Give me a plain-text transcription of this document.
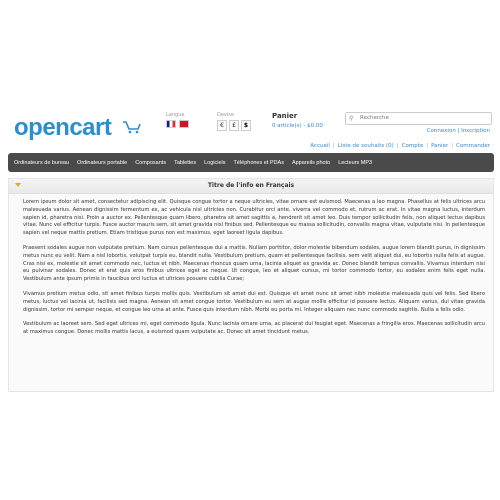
opencart	Langue	Devise
€	£	$
Panier
0 article(s) - $0.00
⚲
Recherche
Connexion | Inscription
Accueil | Liste de souhaits (0) | Compte | Panier | Commander
Ordinateurs de bureau	Ordinateurs portable	Composants	Tablettes	Logiciels	Téléphones et PDAs	Appareils photo	Lecteurs MP3
Titre de l'info en Français

Lorem ipsum dolor sit amet, consectetur adipiscing elit. Quisque congue tortor a neque ultricies, vitae ornare est euismod. Maecenas a leo magna. Phasellus at felis ultrices arcu malesuada varius. Aenean dignissim fermentum ex, ac vehicula nisl ultricies non. Curabitur orci ante, viverra vel commodo et, rutrum ac erat. In vitae magna luctus, interdum sapien id, pharetra nisi. Proin a auctor ex. Pellentesque quam libero, pharetra sit amet sagittis a, hendrerit sit amet leo. Duis tempor sollicitudin felis, non aliquet lectus dapibus vitae. Nunc vel efficitur turpis. Fusce auctor mauris sem, sit amet gravida nisl finibus sed. Pellentesque eu massa sollicitudin, convallis magna vitae, vulputate nisi. In pellentesque sapien vel neque mattis pretium. Etiam tristique purus non est maximus, eget laoreet ligula dapibus.

Praesent sodales augue non vulputate pretium. Nam cursus pellentesque dui a mattis. Nullam porttitor, dolor molestie bibendum sodales, augue lorem blandit purus, in dignissim metus nunc eu velit. Nam a nisl lobortis, volutpat turpis eu, blandit nulla. Vestibulum pretium, quam et pellentesque facilisis, sem velit aliquet dui, eu lobortis nulla felis at augue. Cras nisi ex, molestie sit amet commodo nec, luctus et nibh. Maecenas rhoncus quam urna, lacinia aliquet ex gravida ac. Donec blandit tempus convallis. Vivamus interdum nisi eu pulvinar sodales. Donec et erat quis eros finibus ultrices eget ac neque. Ut congue, leo et aliquet cursus, mi tortor commodo tortor, eu sodales enim felis eget nulla. Vestibulum ante ipsum primis in faucibus orci luctus et ultrices posuere cubilia Curae;

Vivamus pretium metus odio, sit amet finibus turpis mollis quis. Vestibulum sit amet dui est. Quisque sit amet nunc sit amet nibh molestie malesuada quis vel felis. Sed libero metus, luctus vel lacinia ut, facilisis sed magna. Aenean sit amet congue tortor. Vestibulum eu sem at augue mollis efficitur id posuere lectus. Aliquam varius, dui vitae gravida dignissim, tortor mi semper neque, et congue leo urna at ante. Fusce quis interdum nibh. Morbi eu porta mi. Integer aliquam nec nunc commodo sagittis. Nulla a felis odio.

Vestibulum ac laoreet sem. Sed eget ultrices mi, eget commodo ligula. Nunc lacinia ornare urna, ac placerat dui feugiat eget. Maecenas a fringilla eros. Maecenas sollicitudin arcu at maximus congue. Donec mollis mattis lacus, a euismod quam vulputate ac. Donec sit amet tincidunt metus.
